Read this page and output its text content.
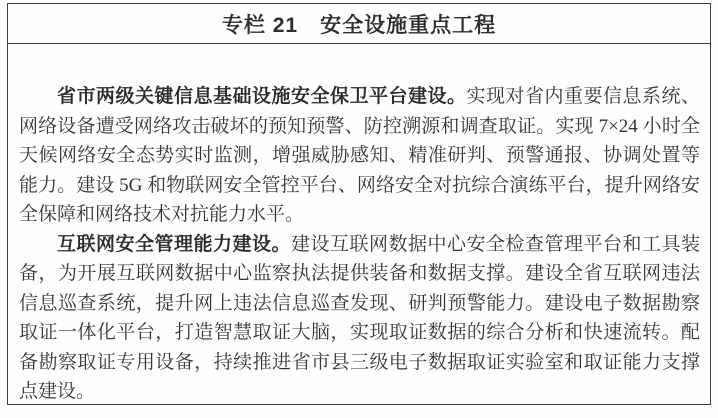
专栏 21　安全设施重点工程

省市两级关键信息基础设施安全保卫平台建设。实现对省内重要信息系统、网络设备遭受网络攻击破坏的预知预警、防控溯源和调查取证。实现 7×24 小时全天候网络安全态势实时监测，增强威胁感知、精准研判、预警通报、协调处置等能力。建设 5G 和物联网安全管控平台、网络安全对抗综合演练平台，提升网络安全保障和网络技术对抗能力水平。

互联网安全管理能力建设。建设互联网数据中心安全检查管理平台和工具装备，为开展互联网数据中心监察执法提供装备和数据支撑。建设全省互联网违法信息巡查系统，提升网上违法信息巡查发现、研判预警能力。建设电子数据勘察取证一体化平台，打造智慧取证大脑，实现取证数据的综合分析和快速流转。配备勘察取证专用设备，持续推进省市县三级电子数据取证实验室和取证能力支撑点建设。
